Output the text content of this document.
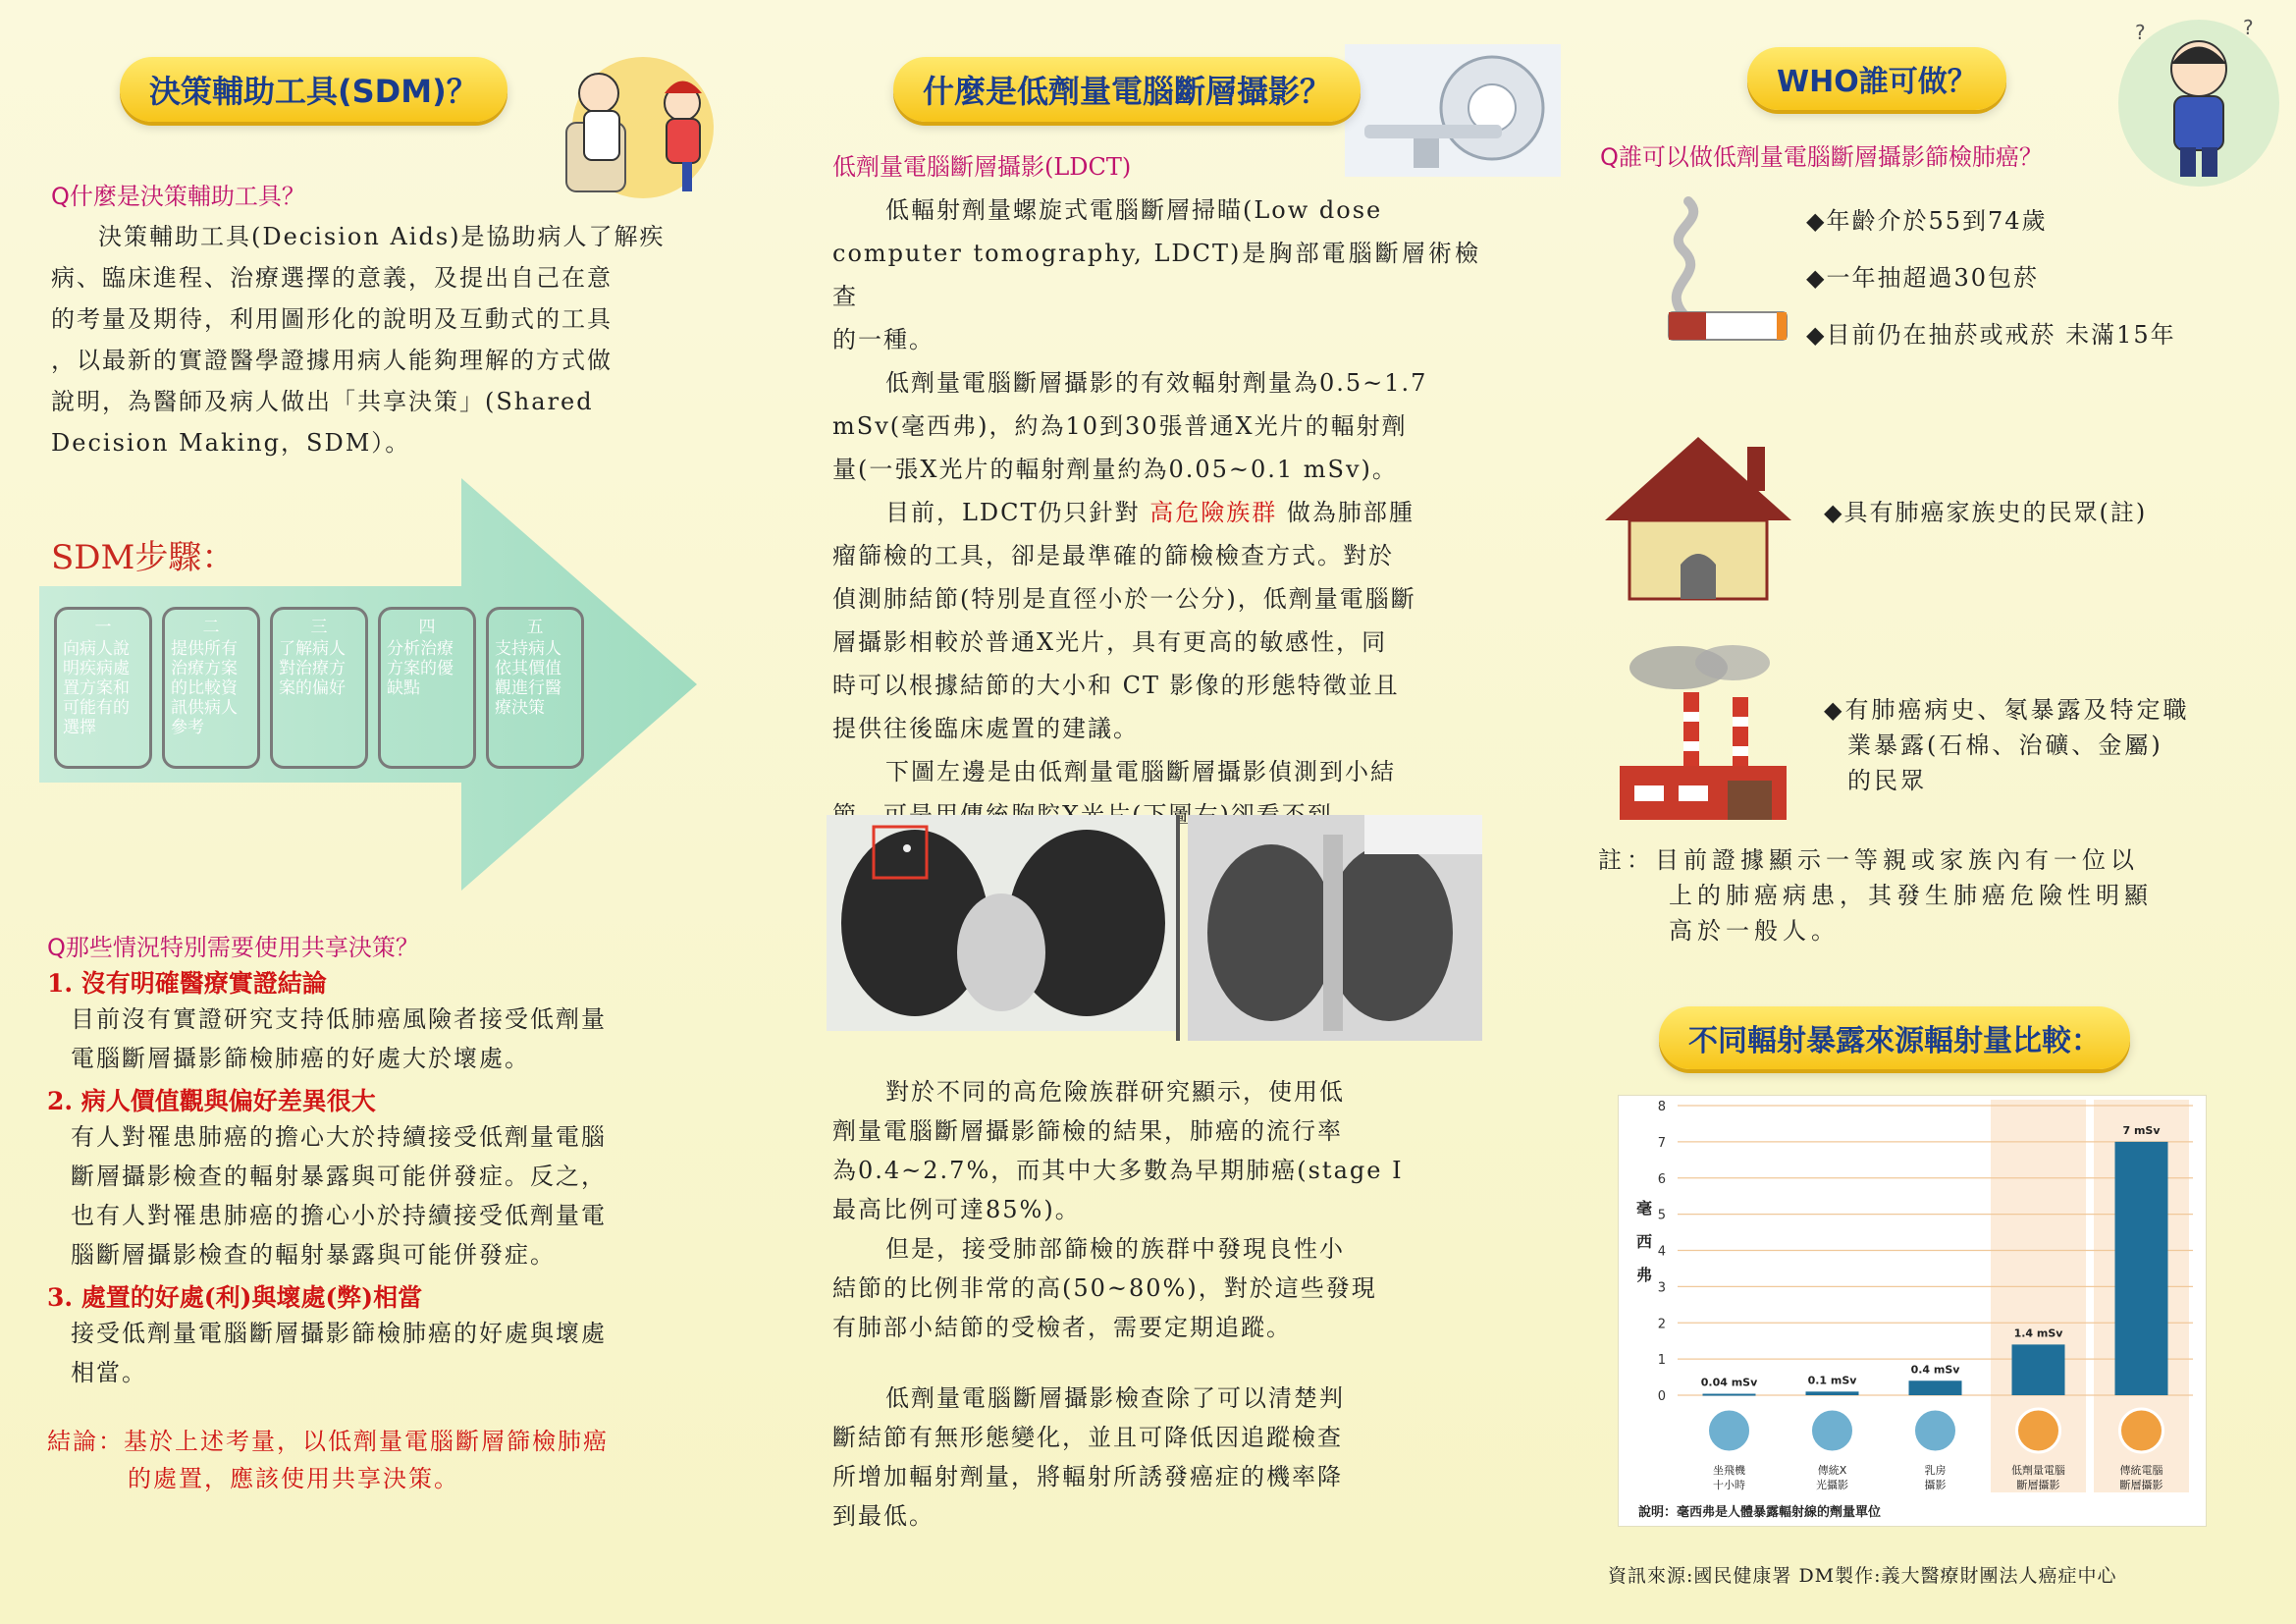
決策輔助工具(SDM)？
Q什麼是決策輔助工具？

決策輔助工具(Decision Aids)是協助病人了解疾

病、臨床進程、治療選擇的意義，及提出自己在意

的考量及期待，利用圖形化的說明及互動式的工具

，以最新的實證醫學證據用病人能夠理解的方式做

說明，為醫師及病人做出「共享決策」(Shared

Decision Making，SDM）。

SDM步驟：
一
向病人說明疾病處置方案和可能有的選擇
二
提供所有治療方案的比較資訊供病人參考
三
了解病人對治療方案的偏好
四
分析治療方案的優缺點
五
支持病人依其價值觀進行醫療決策
Q那些情況特別需要使用共享決策？
1. 沒有明確醫療實證結論
目前沒有實證研究支持低肺癌風險者接受低劑量
電腦斷層攝影篩檢肺癌的好處大於壞處。
2. 病人價值觀與偏好差異很大
有人對罹患肺癌的擔心大於持續接受低劑量電腦
斷層攝影檢查的輻射暴露與可能併發症。反之，
也有人對罹患肺癌的擔心小於持續接受低劑量電
腦斷層攝影檢查的輻射暴露與可能併發症。
3. 處置的好處(利)與壞處(弊)相當
接受低劑量電腦斷層攝影篩檢肺癌的好處與壞處
相當。
結論：基於上述考量，以低劑量電腦斷層篩檢肺癌
的處置，應該使用共享決策。
什麼是低劑量電腦斷層攝影？
低劑量電腦斷層攝影(LDCT)

低輻射劑量螺旋式電腦斷層掃瞄(Low dose

computer tomography, LDCT)是胸部電腦斷層術檢查

的一種。

低劑量電腦斷層攝影的有效輻射劑量為0.5~1.7

mSv(毫西弗)，約為10到30張普通X光片的輻射劑

量(一張X光片的輻射劑量約為0.05~0.1 mSv)。

目前，LDCT仍只針對 高危險族群 做為肺部腫

瘤篩檢的工具，卻是最準確的篩檢檢查方式。對於

偵測肺結節(特別是直徑小於一公分)，低劑量電腦斷

層攝影相較於普通X光片，具有更高的敏感性，同

時可以根據結節的大小和 CT 影像的形態特徵並且

提供往後臨床處置的建議。

下圖左邊是由低劑量電腦斷層攝影偵測到小結

對於不同的高危險族群研究顯示，使用低

劑量電腦斷層攝影篩檢的結果，肺癌的流行率

為0.4~2.7%，而其中大多數為早期肺癌(stage I

最高比例可達85%)。

但是，接受肺部篩檢的族群中發現良性小

結節的比例非常的高(50~80%)，對於這些發現

有肺部小結節的受檢者，需要定期追蹤。

低劑量電腦斷層攝影檢查除了可以清楚判

斷結節有無形態變化，並且可降低因追蹤檢查

所增加輻射劑量，將輻射所誘發癌症的機率降

到最低。

WHO誰可做？
?	?
Q誰可以做低劑量電腦斷層攝影篩檢肺癌？
◆年齡介於55到74歲
◆一年抽超過30包菸
◆目前仍在抽菸或戒菸 未滿15年
◆具有肺癌家族史的民眾(註)
◆有肺癌病史、氡暴露及特定職
業暴露(石棉、治礦、金屬)
的民眾
註：目前證據顯示一等親或家族內有一位以
上的肺癌病患，其發生肺癌危險性明顯
高於一般人。
不同輻射暴露來源輻射量比較：
0
1
2
3
4
5
6
7
8
毫
西
弗
0.04 mSv
坐飛機
十小時
0.1 mSv
傳統X
光攝影
0.4 mSv
乳房
攝影
1.4 mSv
低劑量電腦
斷層攝影
7 mSv
傳統電腦
斷層攝影
說明：毫西弗是人體暴露輻射線的劑量單位
資訊來源:國民健康署 DM製作:義大醫療財團法人癌症中心
